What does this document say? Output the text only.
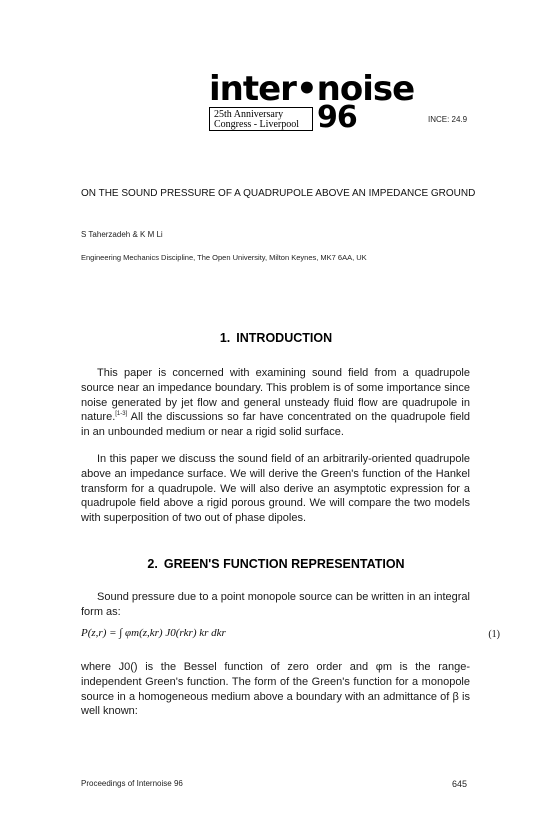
inter•noise
25th Anniversary
Congress - Liverpool 96	INCE: 24.9
ON THE SOUND PRESSURE OF A QUADRUPOLE ABOVE AN IMPEDANCE GROUND
S Taherzadeh & K M Li
Engineering Mechanics Discipline, The Open University, Milton Keynes, MK7 6AA, UK
1. INTRODUCTION
This paper is concerned with examining sound field from a quadrupole source near an impedance boundary. This problem is of some importance since noise generated by jet flow and general unsteady fluid flow are quadrupole in nature.[1-3] All the discussions so far have concentrated on the quadrupole field in an unbounded medium or near a rigid solid surface.
In this paper we discuss the sound field of an arbitrarily-oriented quadrupole above an impedance surface. We will derive the Green's function of the Hankel transform for a quadrupole. We will also derive an asymptotic expression for a quadrupole field above a rigid porous ground. We will compare the two models with superposition of two out of phase dipoles.
2. GREEN'S FUNCTION REPRESENTATION
Sound pressure due to a point monopole source can be written in an integral form as:
P(z,r) = ∫ φm(z,kr) J0(rkr) kr dkr	(1)
where J0() is the Bessel function of zero order and φm is the range-independent Green's function. The form of the Green's function for a monopole source in a homogeneous medium above a boundary with an admittance of β is well known:
Proceedings of Internoise 96	645
